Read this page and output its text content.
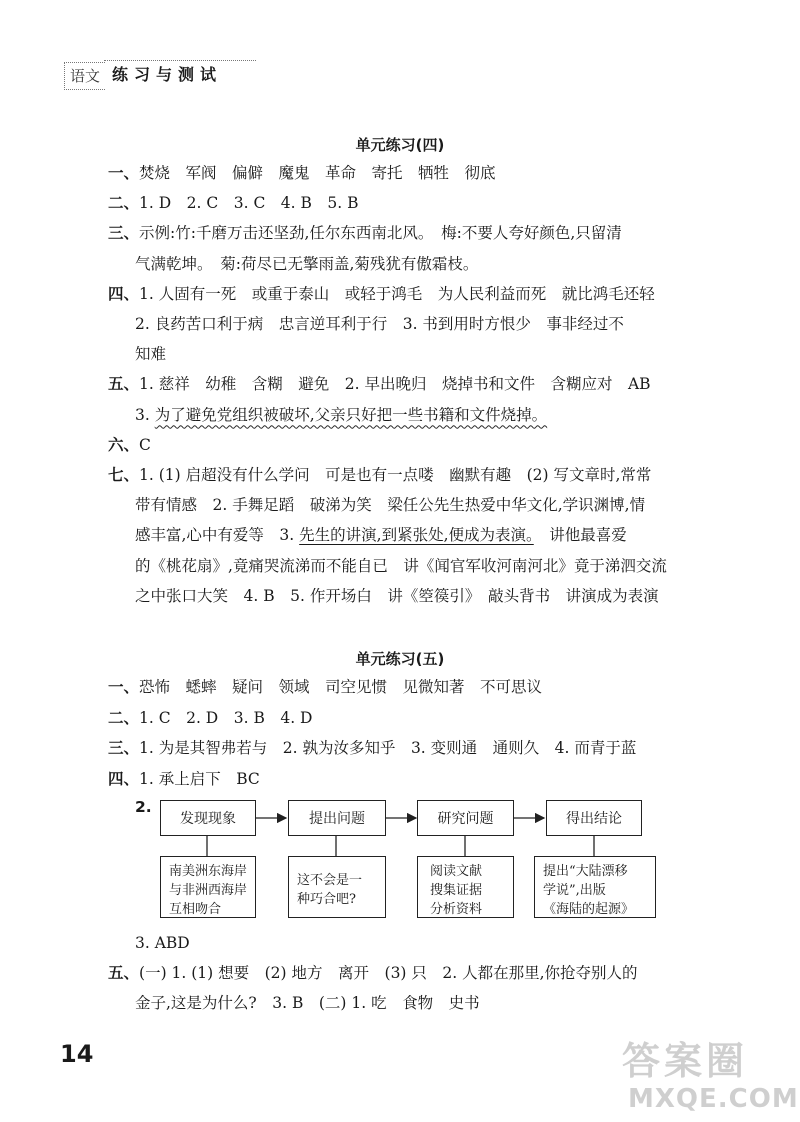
语文 练习与测试
单元练习(四)
一、焚烧　军阀　偏僻　魔鬼　革命　寄托　牺牲　彻底
二、1. D　2. C　3. C　4. B　5. B
三、示例:竹:千磨万击还坚劲,任尔东西南北风。　梅:不要人夸好颜色,只留清
气满乾坤。　菊:荷尽已无擎雨盖,菊残犹有傲霜枝。
四、1. 人固有一死　或重于泰山　或轻于鸿毛　为人民利益而死　就比鸿毛还轻
2. 良药苦口利于病　忠言逆耳利于行　3. 书到用时方恨少　事非经过不
知难
五、1. 慈祥　幼稚　含糊　避免　2. 早出晚归　烧掉书和文件　含糊应对　AB
3. 为了避免党组织被破坏,父亲只好把一些书籍和文件烧掉。
六、C
七、1. (1) 启超没有什么学问　可是也有一点喽　幽默有趣　(2) 写文章时,常常
带有情感　2. 手舞足蹈　破涕为笑　梁任公先生热爱中华文化,学识渊博,情
感丰富,心中有爱等　3. 先生的讲演,到紧张处,便成为表演。　讲他最喜爱
的《桃花扇》,竟痛哭流涕而不能自已　讲《闻官军收河南河北》竟于涕泗交流
之中张口大笑　4. B　5. 作开场白　讲《箜篌引》　敲头背书　讲演成为表演
单元练习(五)
一、恐怖　蟋蟀　疑问　领域　司空见惯　见微知著　不可思议
二、1. C　2. D　3. B　4. D
三、1. 为是其智弗若与　2. 孰为汝多知乎　3. 变则通　通则久　4. 而青于蓝
四、1. 承上启下　BC
2.
发现现象	提出问题	研究问题	得出结论
南美洲东海岸
与非洲西海岸
互相吻合
这不会是一
种巧合吧?
阅读文献
搜集证据
分析资料
提出“大陆漂移
学说”,出版
《海陆的起源》
3. ABD
五、(一) 1. (1) 想要　(2) 地方　离开　(3) 只　2. 人都在那里,你抢夺别人的
金子,这是为什么?　3. B　(二) 1. 吃　食物　史书
14	答案圈
MXQE.COM
